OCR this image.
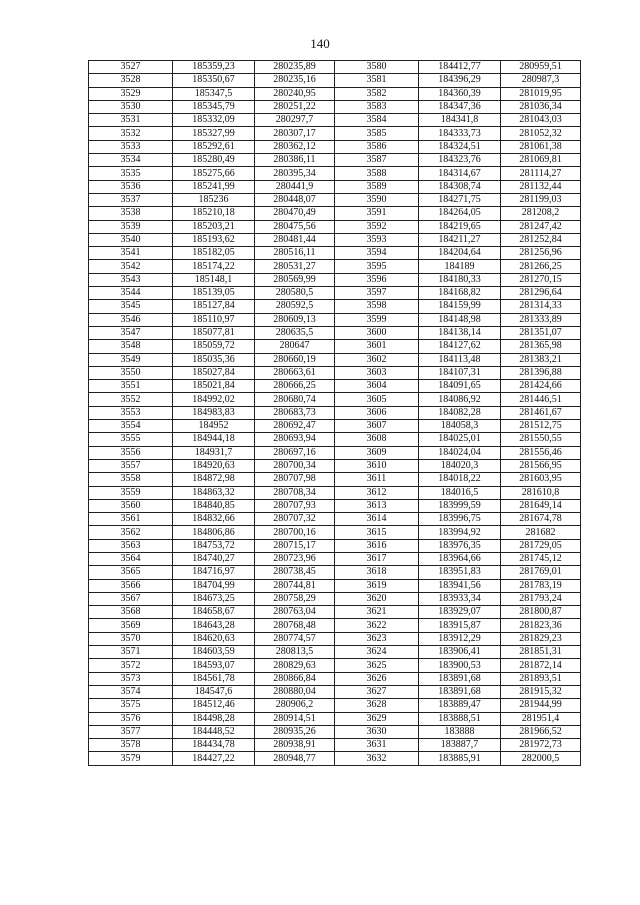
140
3527	185359,23	280235,89	3580	184412,77	280959,51
3528	185350,67	280235,16	3581	184396,29	280987,3
3529	185347,5	280240,95	3582	184360,39	281019,95
3530	185345,79	280251,22	3583	184347,36	281036,34
3531	185332,09	280297,7	3584	184341,8	281043,03
3532	185327,99	280307,17	3585	184333,73	281052,32
3533	185292,61	280362,12	3586	184324,51	281061,38
3534	185280,49	280386,11	3587	184323,76	281069,81
3535	185275,66	280395,34	3588	184314,67	281114,27
3536	185241,99	280441,9	3589	184308,74	281132,44
3537	185236	280448,07	3590	184271,75	281199,03
3538	185210,18	280470,49	3591	184264,05	281208,2
3539	185203,21	280475,56	3592	184219,65	281247,42
3540	185193,62	280481,44	3593	184211,27	281252,84
3541	185182,05	280516,11	3594	184204,64	281256,96
3542	185174,22	280531,27	3595	184189	281266,25
3543	185148,1	280569,99	3596	184180,33	281270,15
3544	185139,05	280580,5	3597	184168,82	281296,64
3545	185127,84	280592,5	3598	184159,99	281314,33
3546	185110,97	280609,13	3599	184148,98	281333,89
3547	185077,81	280635,5	3600	184138,14	281351,07
3548	185059,72	280647	3601	184127,62	281365,98
3549	185035,36	280660,19	3602	184113,48	281383,21
3550	185027,84	280663,61	3603	184107,31	281396,88
3551	185021,84	280666,25	3604	184091,65	281424,66
3552	184992,02	280680,74	3605	184086,92	281446,51
3553	184983,83	280683,73	3606	184082,28	281461,67
3554	184952	280692,47	3607	184058,3	281512,75
3555	184944,18	280693,94	3608	184025,01	281550,55
3556	184931,7	280697,16	3609	184024,04	281556,46
3557	184920,63	280700,34	3610	184020,3	281566,95
3558	184872,98	280707,98	3611	184018,22	281603,95
3559	184863,32	280708,34	3612	184016,5	281610,8
3560	184840,85	280707,93	3613	183999,59	281649,14
3561	184832,66	280707,32	3614	183996,75	281674,78
3562	184806,86	280700,16	3615	183994,92	281682
3563	184753,72	280715,17	3616	183976,35	281729,05
3564	184740,27	280723,96	3617	183964,66	281745,12
3565	184716,97	280738,45	3618	183951,83	281769,01
3566	184704,99	280744,81	3619	183941,56	281783,19
3567	184673,25	280758,29	3620	183933,34	281793,24
3568	184658,67	280763,04	3621	183929,07	281800,87
3569	184643,28	280768,48	3622	183915,87	281823,36
3570	184620,63	280774,57	3623	183912,29	281829,23
3571	184603,59	280813,5	3624	183906,41	281851,31
3572	184593,07	280829,63	3625	183900,53	281872,14
3573	184561,78	280866,84	3626	183891,68	281893,51
3574	184547,6	280880,04	3627	183891,68	281915,32
3575	184512,46	280906,2	3628	183889,47	281944,99
3576	184498,28	280914,51	3629	183888,51	281951,4
3577	184448,52	280935,26	3630	183888	281966,52
3578	184434,78	280938,91	3631	183887,7	281972,73
3579	184427,22	280948,77	3632	183885,91	282000,5
